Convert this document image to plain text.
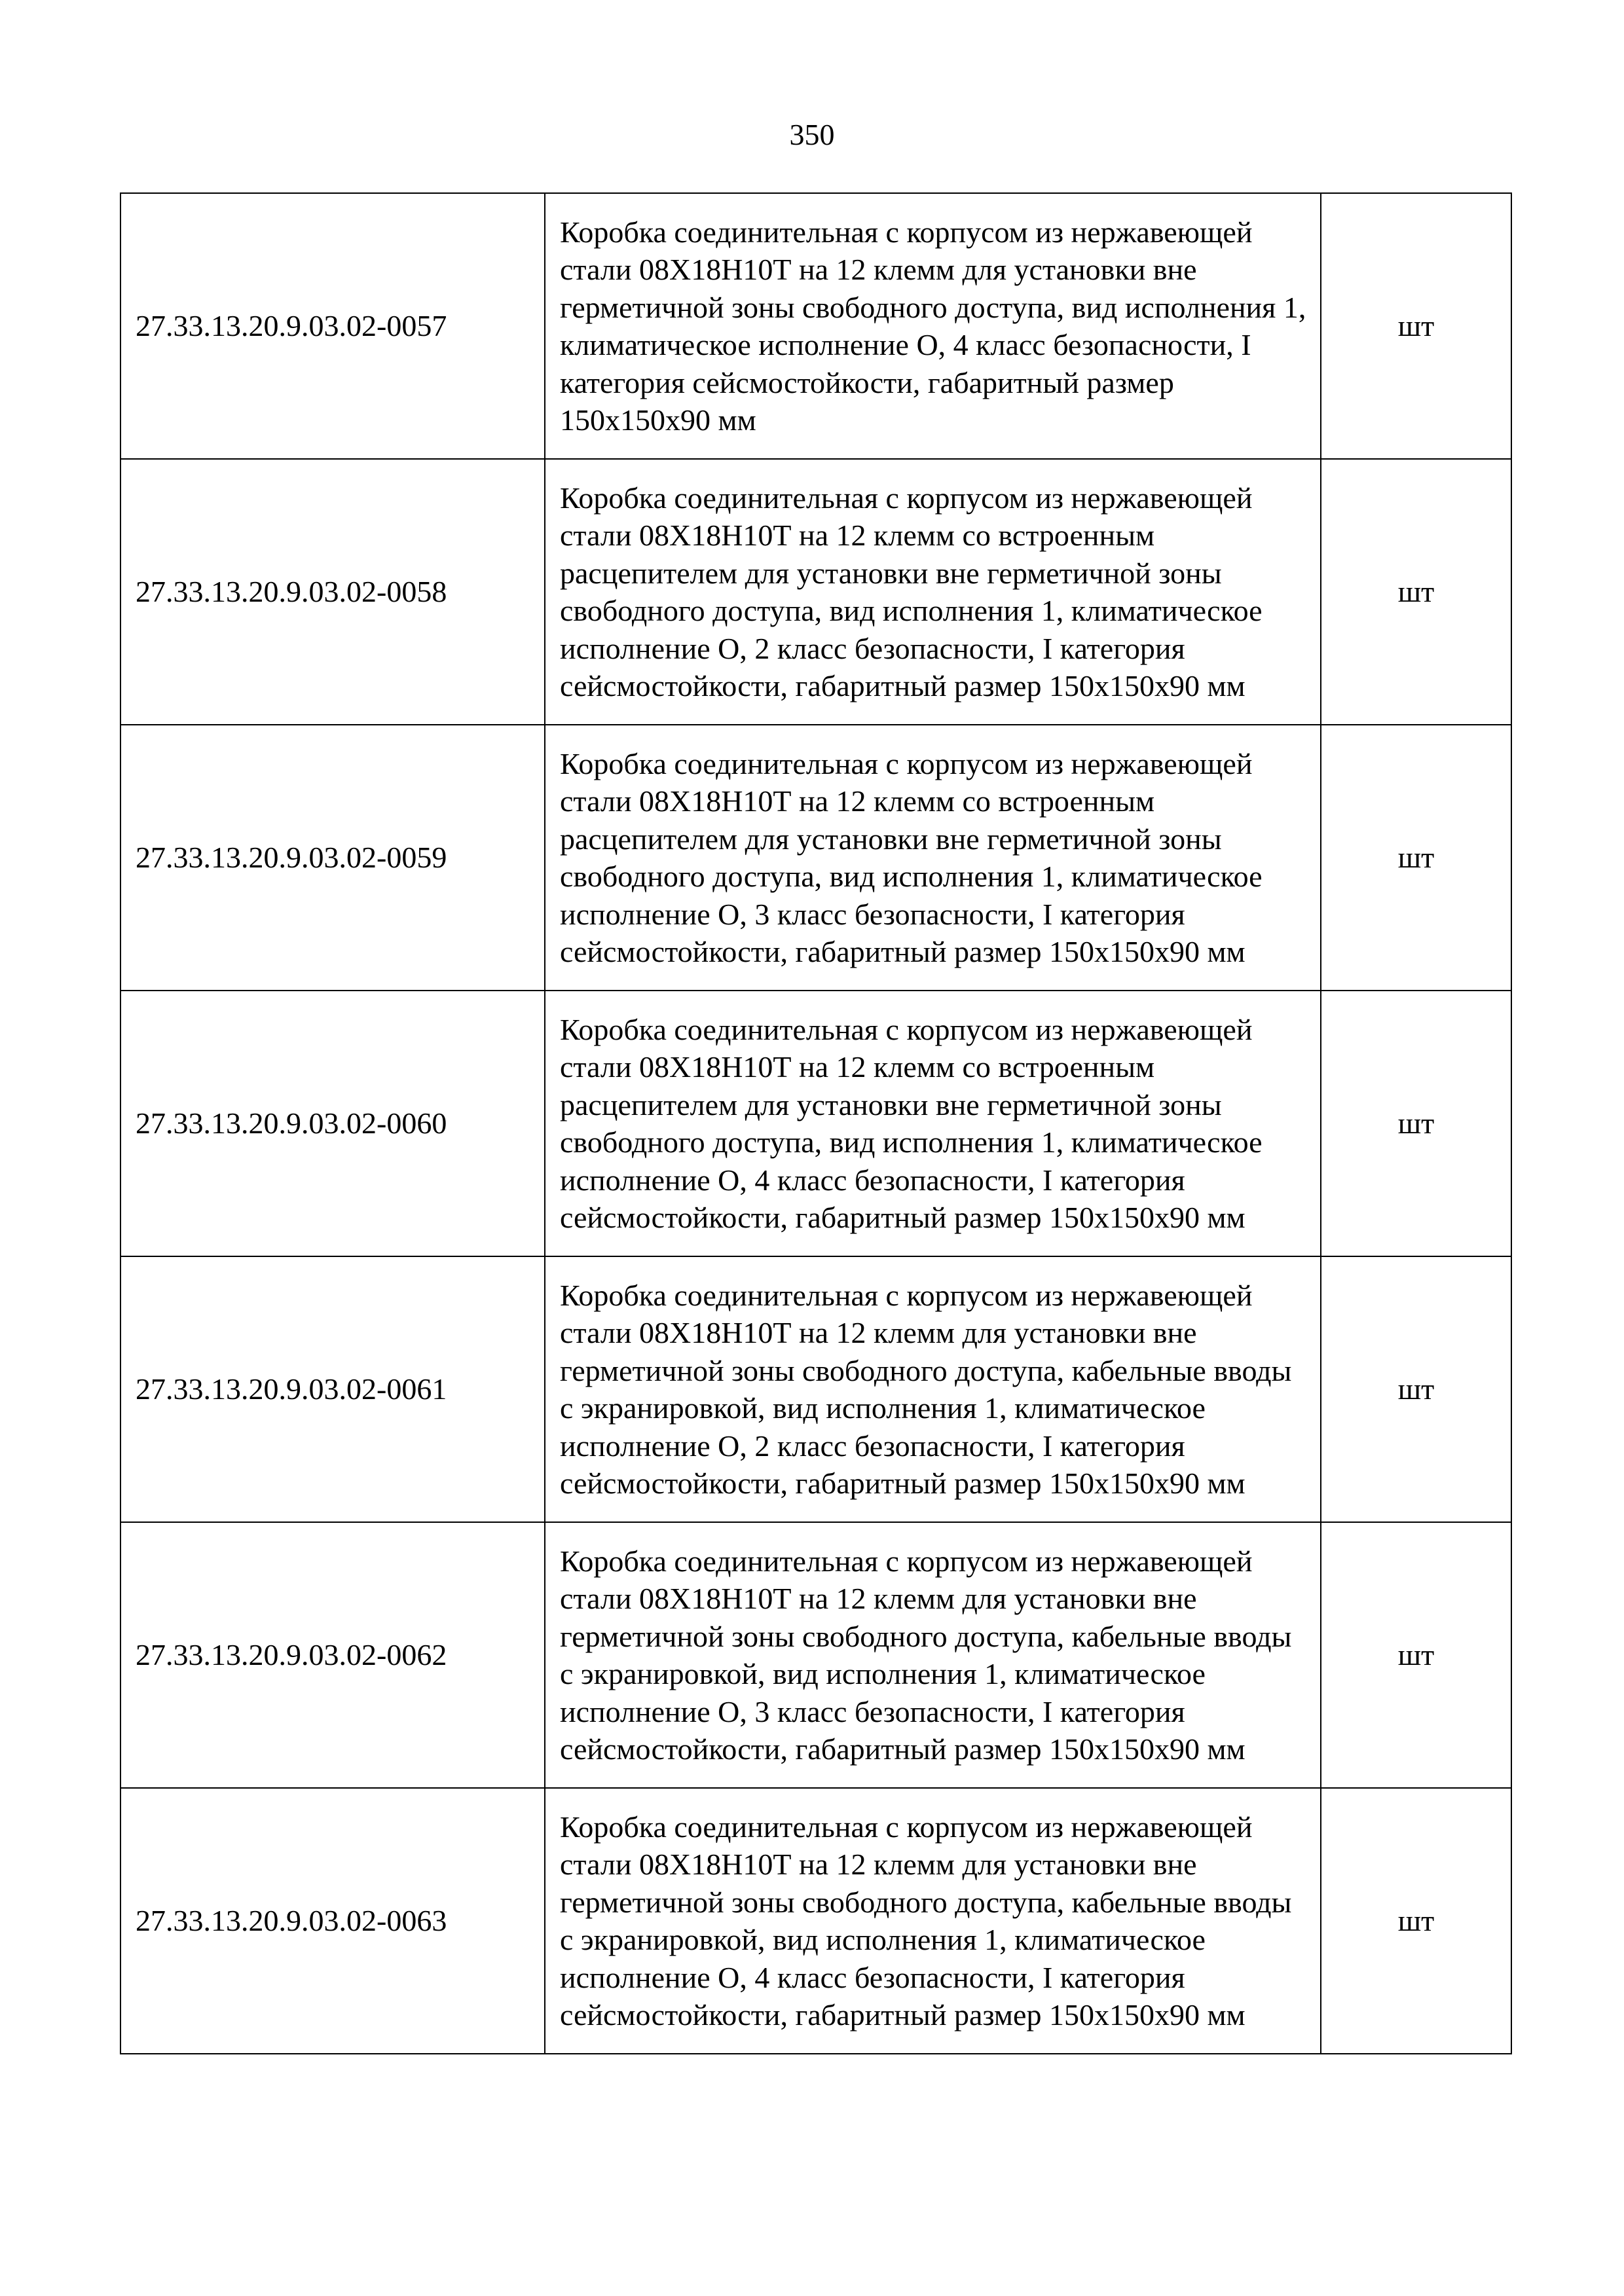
350
27.33.13.20.9.03.02-0057	Коробка соединительная с корпусом из нержавеющей стали 08Х18Н10Т на 12 клемм для установки вне герметичной зоны свободного доступа, вид исполнения 1, климатическое исполнение О, 4 класс безопасности, I категория сейсмостойкости, габаритный размер 150х150х90 мм	шт
27.33.13.20.9.03.02-0058	Коробка соединительная с корпусом из нержавеющей стали 08Х18Н10Т на 12 клемм со встроенным расцепителем для установки вне герметичной зоны свободного доступа, вид исполнения 1, климатическое исполнение О, 2 класс безопасности, I категория сейсмостойкости, габаритный размер 150х150х90 мм	шт
27.33.13.20.9.03.02-0059	Коробка соединительная с корпусом из нержавеющей стали 08Х18Н10Т на 12 клемм со встроенным расцепителем для установки вне герметичной зоны свободного доступа, вид исполнения 1, климатическое исполнение О, 3 класс безопасности, I категория сейсмостойкости, габаритный размер 150х150х90 мм	шт
27.33.13.20.9.03.02-0060	Коробка соединительная с корпусом из нержавеющей стали 08Х18Н10Т на 12 клемм со встроенным расцепителем для установки вне герметичной зоны свободного доступа, вид исполнения 1, климатическое исполнение О, 4 класс безопасности, I категория сейсмостойкости, габаритный размер 150х150х90 мм	шт
27.33.13.20.9.03.02-0061	Коробка соединительная с корпусом из нержавеющей стали 08Х18Н10Т на 12 клемм для установки вне герметичной зоны свободного доступа, кабельные вводы с экранировкой, вид исполнения 1, климатическое исполнение О, 2 класс безопасности, I категория сейсмостойкости, габаритный размер 150х150х90 мм	шт
27.33.13.20.9.03.02-0062	Коробка соединительная с корпусом из нержавеющей стали 08Х18Н10Т на 12 клемм для установки вне герметичной зоны свободного доступа, кабельные вводы с экранировкой, вид исполнения 1, климатическое исполнение О, 3 класс безопасности, I категория сейсмостойкости, габаритный размер 150х150х90 мм	шт
27.33.13.20.9.03.02-0063	Коробка соединительная с корпусом из нержавеющей стали 08Х18Н10Т на 12 клемм для установки вне герметичной зоны свободного доступа, кабельные вводы с экранировкой, вид исполнения 1, климатическое исполнение О, 4 класс безопасности, I категория сейсмостойкости, габаритный размер 150х150х90 мм	шт
